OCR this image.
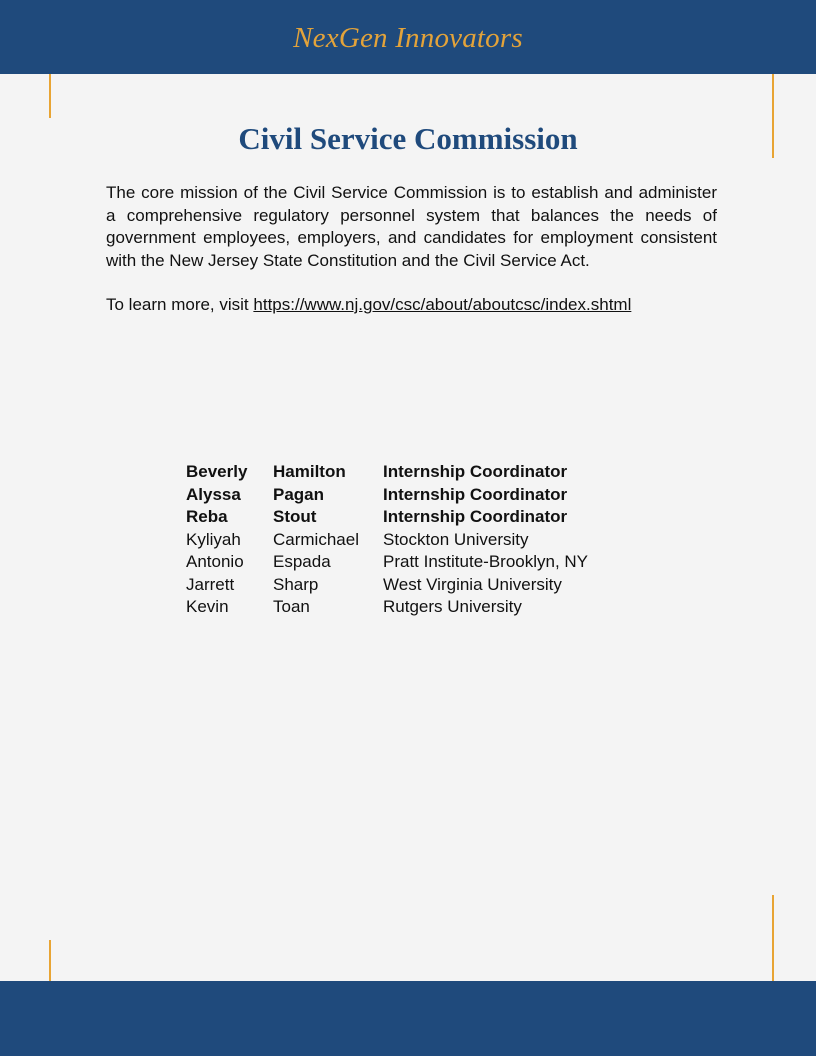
NexGen Innovators
Civil Service Commission

The core mission of the Civil Service Commission is to establish and administer a comprehensive regulatory personnel system that balances the needs of government employees, employers, and candidates for employment consistent with the New Jersey State Constitution and the Civil Service Act.

To learn more, visit https://www.nj.gov/csc/about/aboutcsc/index.shtml

Beverly	Hamilton	Internship Coordinator
Alyssa	Pagan	Internship Coordinator
Reba	Stout	Internship Coordinator
Kyliyah	Carmichael	Stockton University
Antonio	Espada	Pratt Institute-Brooklyn, NY
Jarrett	Sharp	West Virginia University
Kevin	Toan	Rutgers University
